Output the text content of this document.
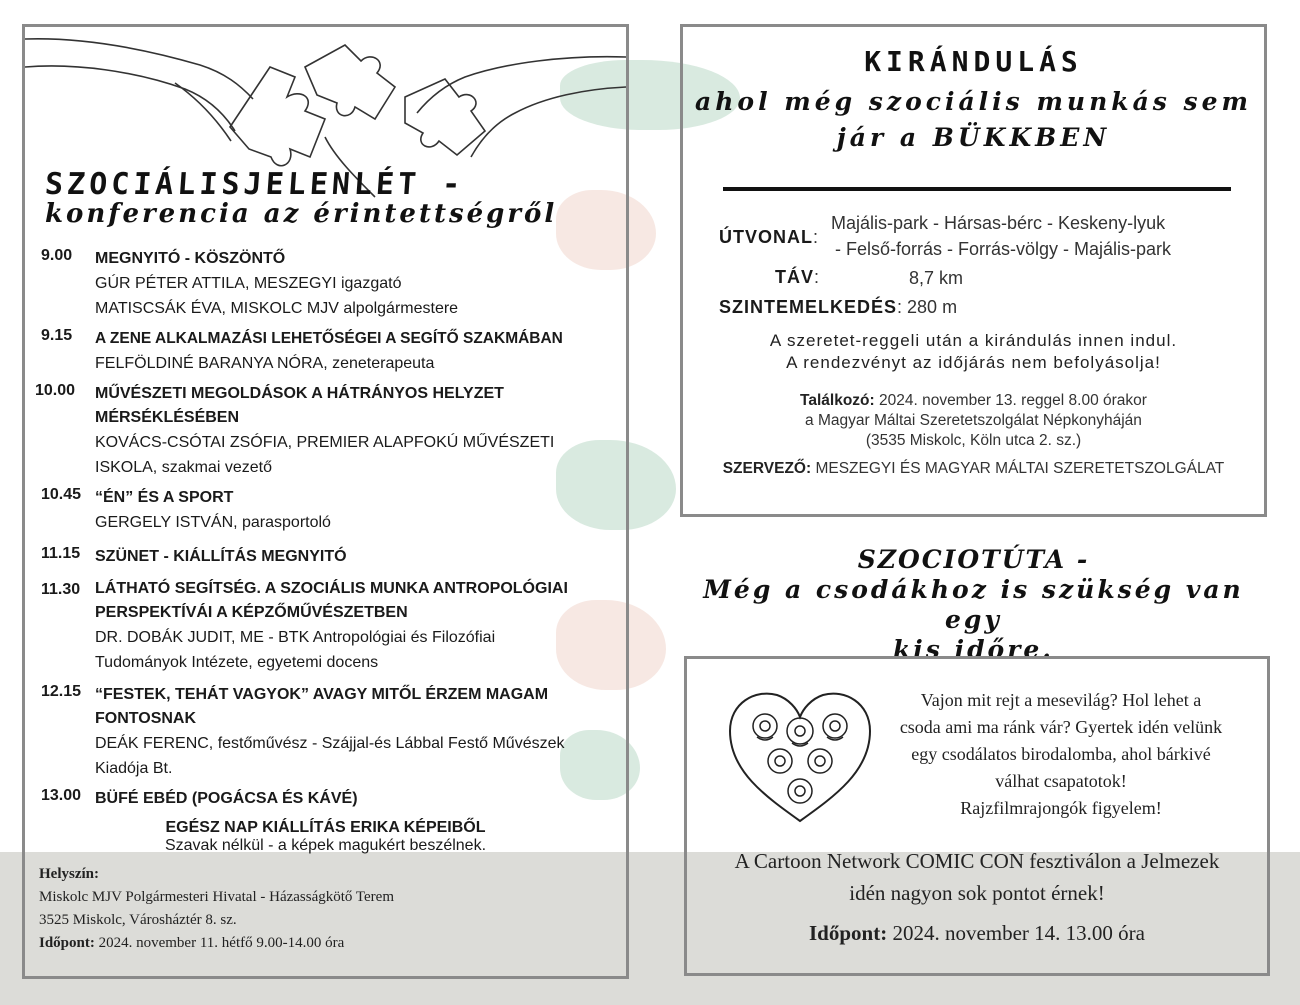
SZOCIÁLISJELENLÉT -
konferencia az érintettségről
9.00	MEGNYITÓ - KÖSZÖNTŐ
GÚR PÉTER ATTILA, MESZEGYI igazgató
MATISCSÁK ÉVA, MISKOLC MJV alpolgármestere
9.15	A ZENE ALKALMAZÁSI LEHETŐSÉGEI A SEGÍTŐ SZAKMÁBAN
FELFÖLDINÉ BARANYA NÓRA, zeneterapeuta
10.00	MŰVÉSZETI MEGOLDÁSOK A HÁTRÁNYOS HELYZET MÉRSÉKLÉSÉBEN
KOVÁCS-CSÓTAI ZSÓFIA, PREMIER ALAPFOKÚ MŰVÉSZETI ISKOLA, szakmai vezető
10.45 “ÉN” ÉS A SPORT
GERGELY ISTVÁN, parasportoló
11.15 SZÜNET - KIÁLLÍTÁS MEGNYITÓ
11.30 LÁTHATÓ SEGÍTSÉG. A SZOCIÁLIS MUNKA ANTROPOLÓGIAI PERSPEKTÍVÁI A KÉPZŐMŰVÉSZETBEN
DR. DOBÁK JUDIT, ME - BTK Antropológiai és Filozófiai Tudományok Intézete, egyetemi docens
12.15 “FESTEK, TEHÁT VAGYOK” AVAGY MITŐL ÉRZEM MAGAM FONTOSNAK
DEÁK FERENC, festőművész - Szájjal-és Lábbal Festő Művészek Kiadója Bt.
13.00 BÜFÉ EBÉD (POGÁCSA ÉS KÁVÉ)
EGÉSZ NAP KIÁLLÍTÁS ERIKA KÉPEIBŐL
Szavak nélkül - a képek magukért beszélnek.
Helyszín:
Miskolc MJV Polgármesteri Hivatal - Házasságkötő Terem
3525 Miskolc, Városháztér 8. sz.
Időpont: 2024. november 11. hétfő 9.00-14.00 óra
KIRÁNDULÁS
ahol még szociális munkás sem
jár a BÜKKBEN
ÚTVONAL:
Majális-park - Hársas-bérc - Keskeny-lyuk
- Felső-forrás - Forrás-völgy - Majális-park
TÁV:	8,7 km
SZINTEMELKEDÉS: 280 m
A szeretet-reggeli után a kirándulás innen indul.
A rendezvényt az időjárás nem befolyásolja!
Találkozó: 2024. november 13. reggel 8.00 órakor
a Magyar Máltai Szeretetszolgálat Népkonyháján
(3535 Miskolc, Köln utca 2. sz.)
SZERVEZŐ: MESZEGYI ÉS MAGYAR MÁLTAI SZERETETSZOLGÁLAT
SZOCIOTÚTA -
Még a csodákhoz is szükség van egy
kis időre.
Vajon mit rejt a mesevilág? Hol lehet a
csoda ami ma ránk vár? Gyertek idén velünk
egy csodálatos birodalomba, ahol bárkivé
válhat csapatotok!
Rajzfilmrajongók figyelem!
A Cartoon Network COMIC CON fesztiválon a Jelmezek
idén nagyon sok pontot érnek!
Időpont: 2024. november 14. 13.00 óra
